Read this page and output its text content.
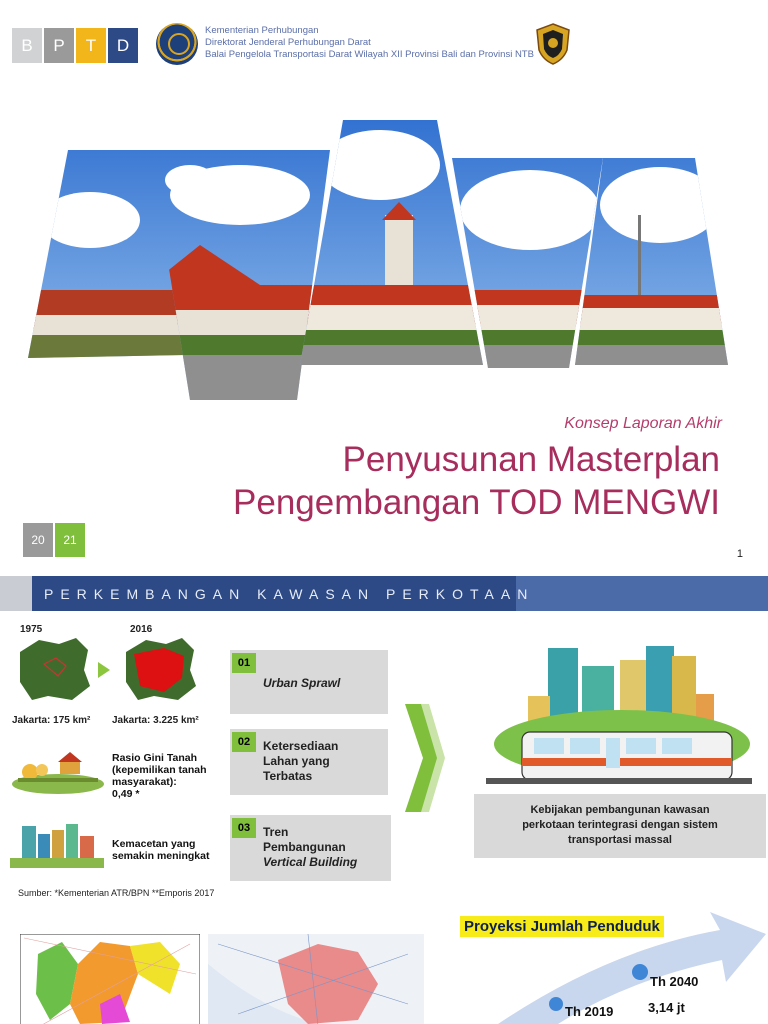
B	P	T	D
Kementerian Perhubungan
Direktorat Jenderal Perhubungan Darat
Balai Pengelola Transportasi Darat Wilayah XII Provinsi Bali dan Provinsi NTB
Konsep Laporan Akhir
Penyusunan Masterplan
Pengembangan TOD MENGWI
20	21
1
PERKEMBANGAN KAWASAN PERKOTAAN
1975	2016
Jakarta: 175 km² Jakarta: 3.225 km²
Rasio Gini Tanah
(kepemilikan tanah
masyarakat):
0,49 *
Kemacetan yang
semakin meningkat
Sumber: *Kementerian ATR/BPN **Emporis 2017
01
Urban Sprawl
02	Ketersediaan
Lahan yang
Terbatas
03	Tren
Pembangunan
Vertical Building
Kebijakan pembangunan kawasan
perkotaan terintegrasi dengan sistem
transportasi massal
Proyeksi Jumlah Penduduk
Th 2019
Th 2040
3,14 jt
